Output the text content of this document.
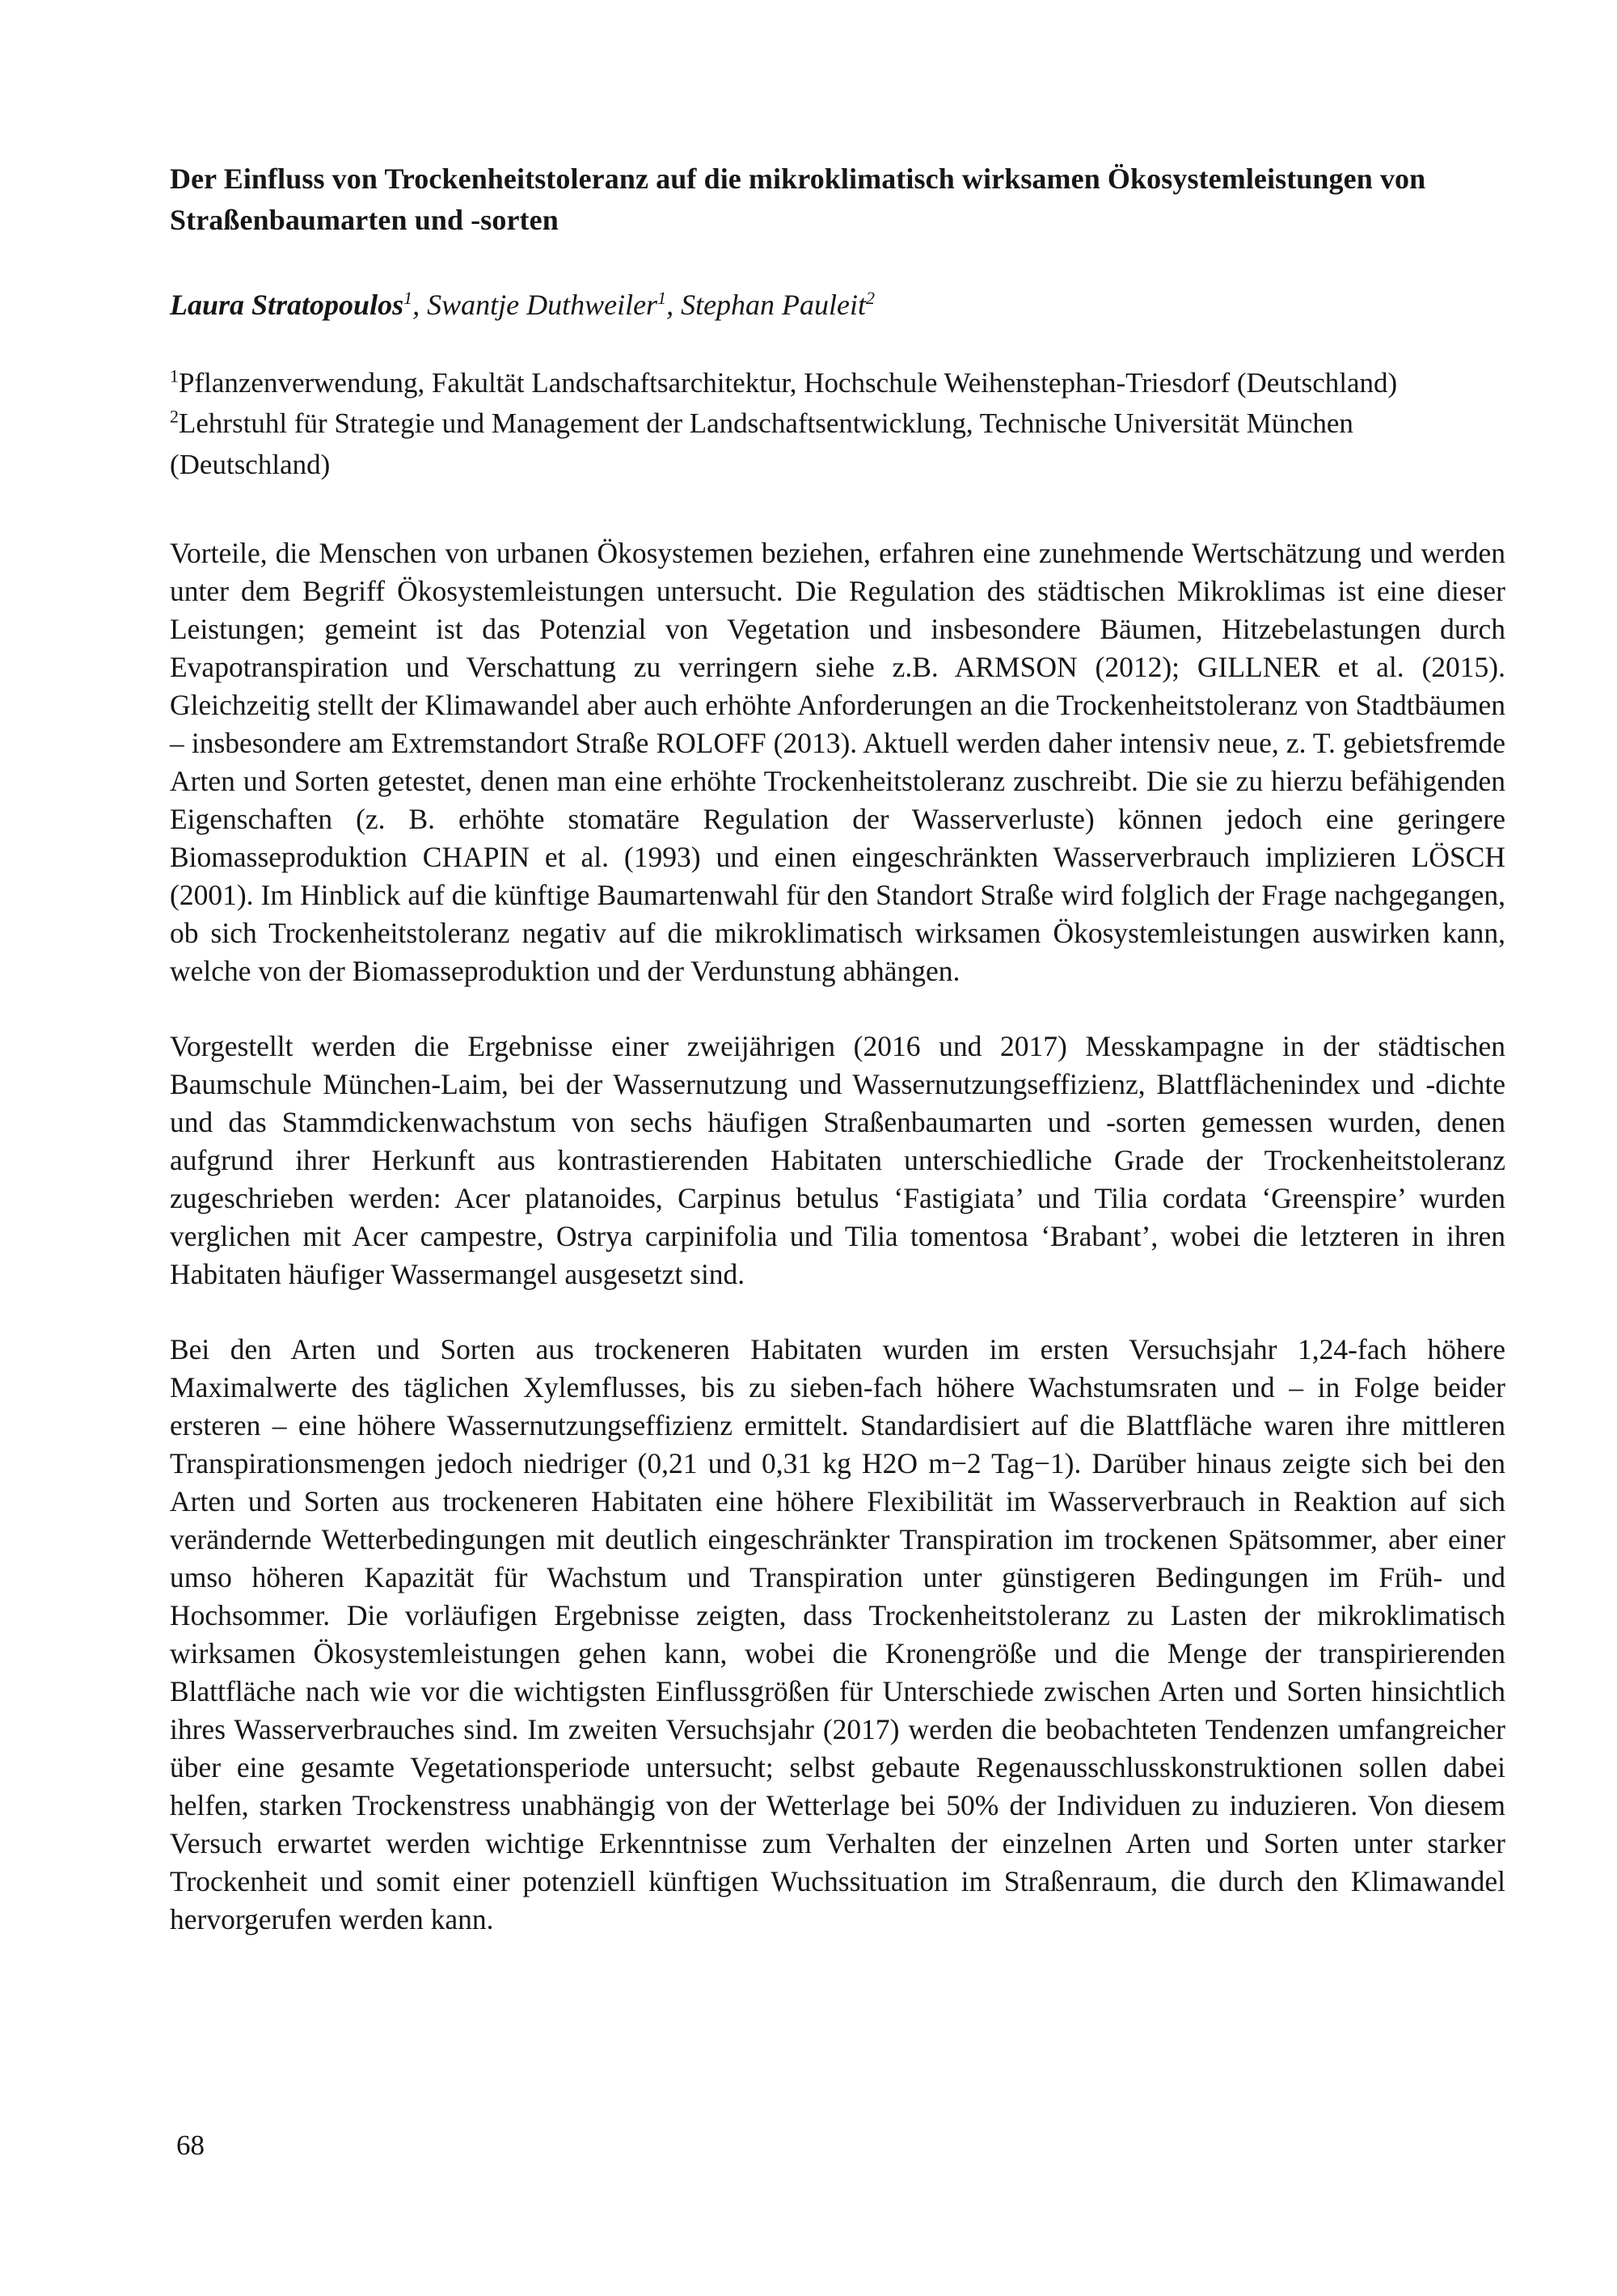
Der Einfluss von Trockenheitstoleranz auf die mikroklimatisch wirksamen Ökosystemleistungen von Straßenbaumarten und -sorten
Laura Stratopoulos$^1$, Swantje Duthweiler$^1$, Stephan Pauleit$^2$
$^1$Pflanzenverwendung, Fakultät Landschaftsarchitektur, Hochschule Weihenstephan-Triesdorf (Deutschland)
$^2$Lehrstuhl für Strategie und Management der Landschaftsentwicklung, Technische Universität München (Deutschland)

Vorteile, die Menschen von urbanen Ökosystemen beziehen, erfahren eine zunehmende Wertschätzung und werden unter dem Begriff Ökosystemleistungen untersucht. Die Regulation des städtischen Mikroklimas ist eine dieser Leistungen; gemeint ist das Potenzial von Vegetation und insbesondere Bäumen, Hitzebelastungen durch Evapotranspiration und Verschattung zu verringern siehe z.B. ARMSON (2012); GILLNER et al. (2015). Gleichzeitig stellt der Klimawandel aber auch erhöhte Anforderungen an die Trockenheitstoleranz von Stadtbäumen – insbesondere am Extremstandort Straße ROLOFF (2013). Aktuell werden daher intensiv neue, z. T. gebietsfremde Arten und Sorten getestet, denen man eine erhöhte Trockenheitstoleranz zuschreibt. Die sie zu hierzu befähigenden Eigenschaften (z. B. erhöhte stomatäre Regulation der Wasserverluste) können jedoch eine geringere Biomasseproduktion CHAPIN et al. (1993) und einen eingeschränkten Wasserverbrauch implizieren LÖSCH (2001). Im Hinblick auf die künftige Baumartenwahl für den Standort Straße wird folglich der Frage nachgegangen, ob sich Trockenheitstoleranz negativ auf die mikroklimatisch wirksamen Ökosystemleistungen auswirken kann, welche von der Biomasseproduktion und der Verdunstung abhängen.

Vorgestellt werden die Ergebnisse einer zweijährigen (2016 und 2017) Messkampagne in der städtischen Baumschule München-Laim, bei der Wassernutzung und Wassernutzungseffizienz, Blattflächenindex und -dichte und das Stammdickenwachstum von sechs häufigen Straßenbaumarten und -sorten gemessen wurden, denen aufgrund ihrer Herkunft aus kontrastierenden Habitaten unterschiedliche Grade der Trockenheitstoleranz zugeschrieben werden: Acer platanoides, Carpinus betulus ‘Fastigiata’ und Tilia cordata ‘Greenspire’ wurden verglichen mit Acer campestre, Ostrya carpinifolia und Tilia tomentosa ‘Brabant’, wobei die letzteren in ihren Habitaten häufiger Wassermangel ausgesetzt sind.

Bei den Arten und Sorten aus trockeneren Habitaten wurden im ersten Versuchsjahr 1,24-fach höhere Maximalwerte des täglichen Xylemflusses, bis zu sieben-fach höhere Wachstumsraten und – in Folge beider ersteren – eine höhere Wassernutzungseffizienz ermittelt. Standardisiert auf die Blattfläche waren ihre mittleren Transpirationsmengen jedoch niedriger (0,21 und 0,31 kg H2O m−2 Tag−1). Darüber hinaus zeigte sich bei den Arten und Sorten aus trockeneren Habitaten eine höhere Flexibilität im Wasserverbrauch in Reaktion auf sich verändernde Wetterbedingungen mit deutlich eingeschränkter Transpiration im trockenen Spätsommer, aber einer umso höheren Kapazität für Wachstum und Transpiration unter günstigeren Bedingungen im Früh- und Hochsommer. Die vorläufigen Ergebnisse zeigten, dass Trockenheitstoleranz zu Lasten der mikroklimatisch wirksamen Ökosystemleistungen gehen kann, wobei die Kronengröße und die Menge der transpirierenden Blattfläche nach wie vor die wichtigsten Einflussgrößen für Unterschiede zwischen Arten und Sorten hinsichtlich ihres Wasserverbrauches sind. Im zweiten Versuchsjahr (2017) werden die beobachteten Tendenzen umfangreicher über eine gesamte Vegetationsperiode untersucht; selbst gebaute Regenausschlusskonstruktionen sollen dabei helfen, starken Trockenstress unabhängig von der Wetterlage bei 50% der Individuen zu induzieren. Von diesem Versuch erwartet werden wichtige Erkenntnisse zum Verhalten der einzelnen Arten und Sorten unter starker Trockenheit und somit einer potenziell künftigen Wuchssituation im Straßenraum, die durch den Klimawandel hervorgerufen werden kann.

68
